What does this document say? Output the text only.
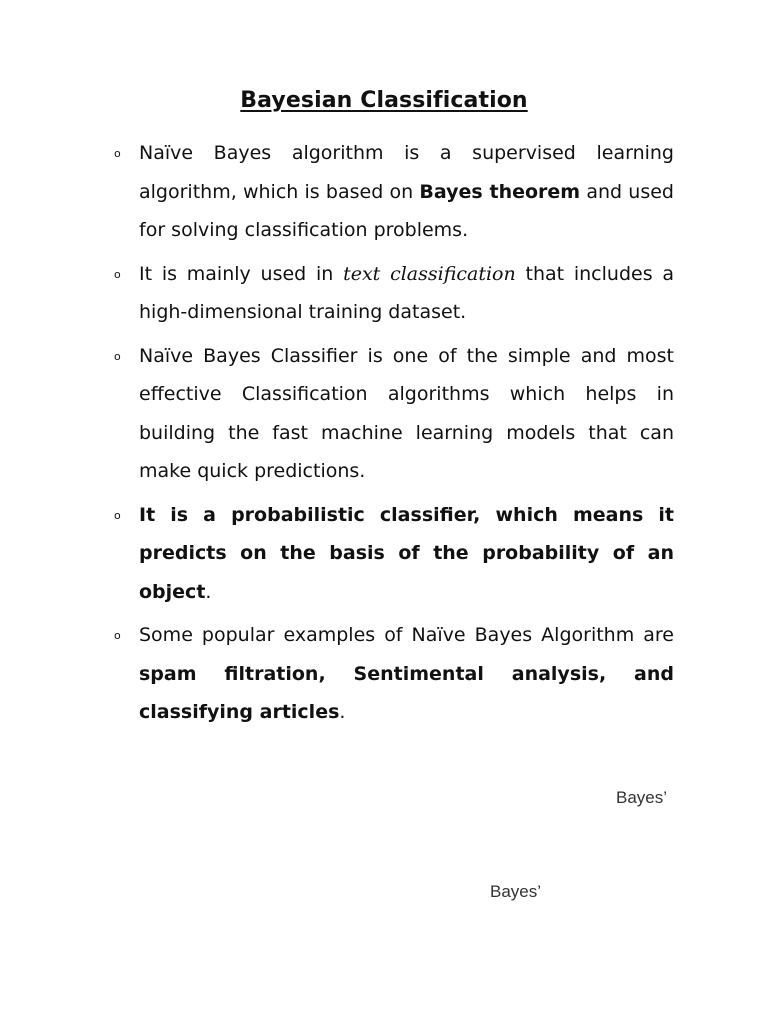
Bayesian Classification
o Naïve Bayes algorithm is a supervised learning algorithm, which is based on Bayes theorem and used for solving classification problems.
o It is mainly used in text classification that includes a high-dimensional training dataset.
o Naïve Bayes Classifier is one of the simple and most effective Classification algorithms which helps in building the fast machine learning models that can make quick predictions.
o It is a probabilistic classifier, which means it predicts on the basis of the probability of an object.
o Some popular examples of Naïve Bayes Algorithm are spam filtration, Sentimental analysis, and classifying articles.
Bayes’
Bayes’
